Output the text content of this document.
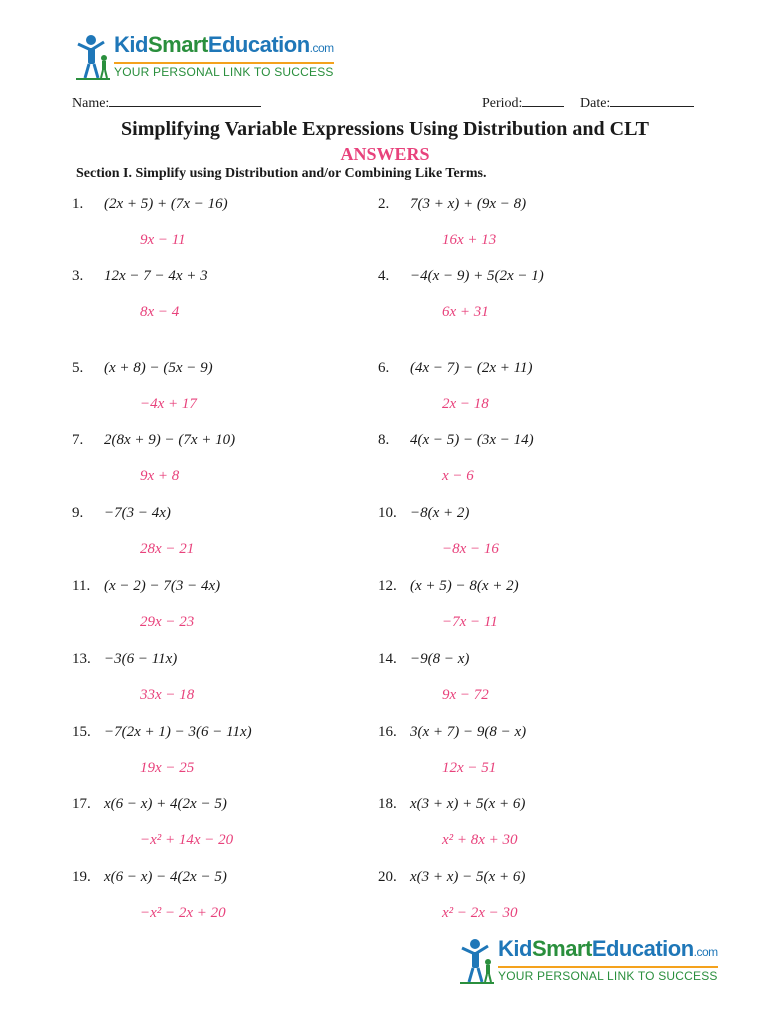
KidSmartEducation.com
YOUR PERSONAL LINK TO SUCCESS
Name:	Period:	Date:
Simplifying Variable Expressions Using Distribution and CLT
ANSWERS
Section I. Simplify using Distribution and/or Combining Like Terms.
1. (2x + 5) + (7x − 16)
9x − 11
2. 7(3 + x) + (9x − 8)
16x + 13
3. 12x − 7 − 4x + 3
8x − 4
4. −4(x − 9) + 5(2x − 1)
6x + 31
5. (x + 8) − (5x − 9)
−4x + 17
6. (4x − 7) − (2x + 11)
2x − 18
7. 2(8x + 9) − (7x + 10)
9x + 8
8. 4(x − 5) − (3x − 14)
x − 6
9. −7(3 − 4x)
28x − 21
10. −8(x + 2)
−8x − 16
11. (x − 2) − 7(3 − 4x)
29x − 23
12. (x + 5) − 8(x + 2)
−7x − 11
13. −3(6 − 11x)
33x − 18
14. −9(8 − x)
9x − 72
15. −7(2x + 1) − 3(6 − 11x)
19x − 25
16. 3(x + 7) − 9(8 − x)
12x − 51
17. x(6 − x) + 4(2x − 5)
−x² + 14x − 20
18. x(3 + x) + 5(x + 6)
x² + 8x + 30
19. x(6 − x) − 4(2x − 5)
−x² − 2x + 20
20. x(3 + x) − 5(x + 6)
x² − 2x − 30
KidSmartEducation.com
YOUR PERSONAL LINK TO SUCCESS
